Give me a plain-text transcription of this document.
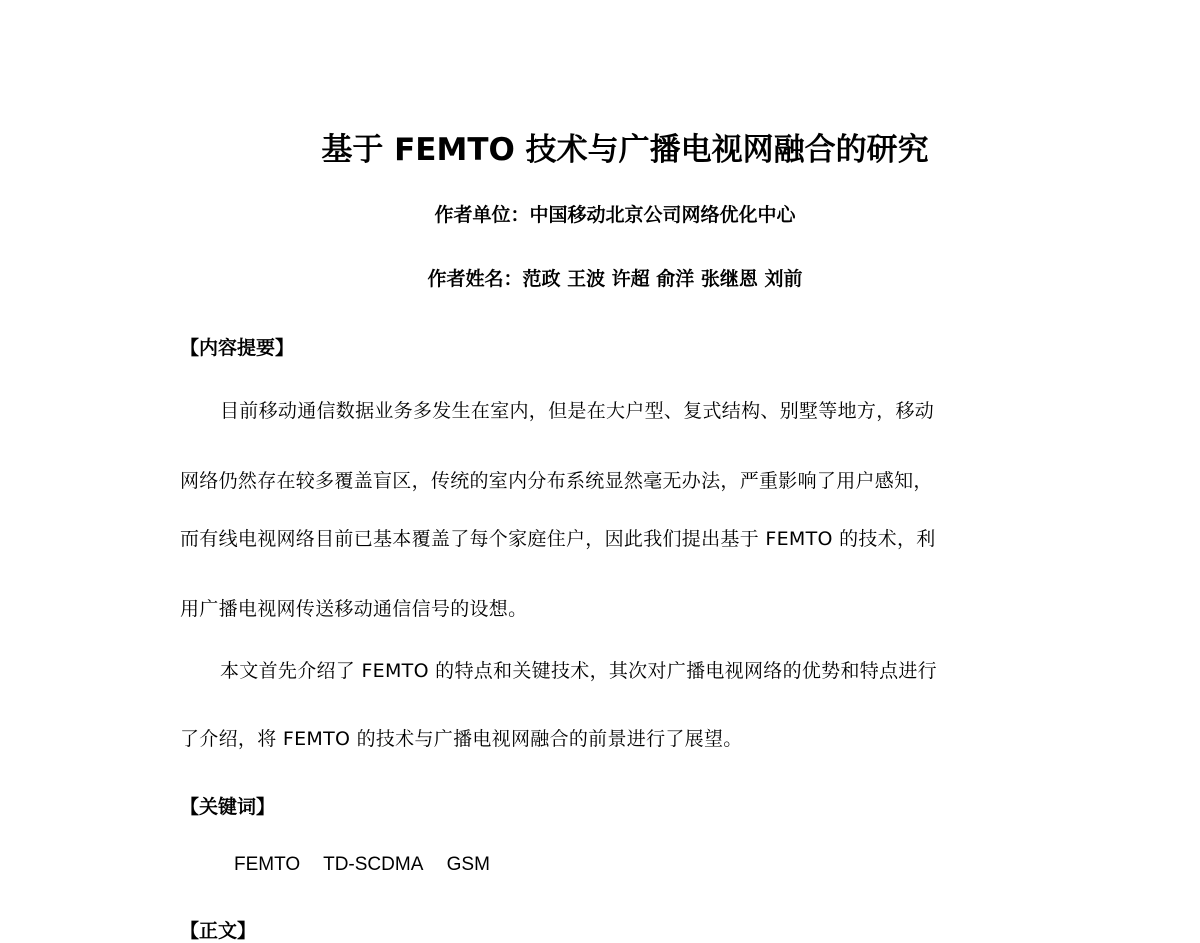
基于 FEMTO 技术与广播电视网融合的研究
作者单位：中国移动北京公司网络优化中心
作者姓名：范政 王波 许超 俞洋 张继恩 刘前
【内容提要】
目前移动通信数据业务多发生在室内，但是在大户型、复式结构、别墅等地方，移动
网络仍然存在较多覆盖盲区，传统的室内分布系统显然毫无办法，严重影响了用户感知，
而有线电视网络目前已基本覆盖了每个家庭住户，因此我们提出基于 FEMTO 的技术，利
用广播电视网传送移动通信信号的设想。
本文首先介绍了 FEMTO 的特点和关键技术，其次对广播电视网络的优势和特点进行
了介绍，将 FEMTO 的技术与广播电视网融合的前景进行了展望。
【关键词】
FEMTO TD-SCDMA GSM
【正文】
